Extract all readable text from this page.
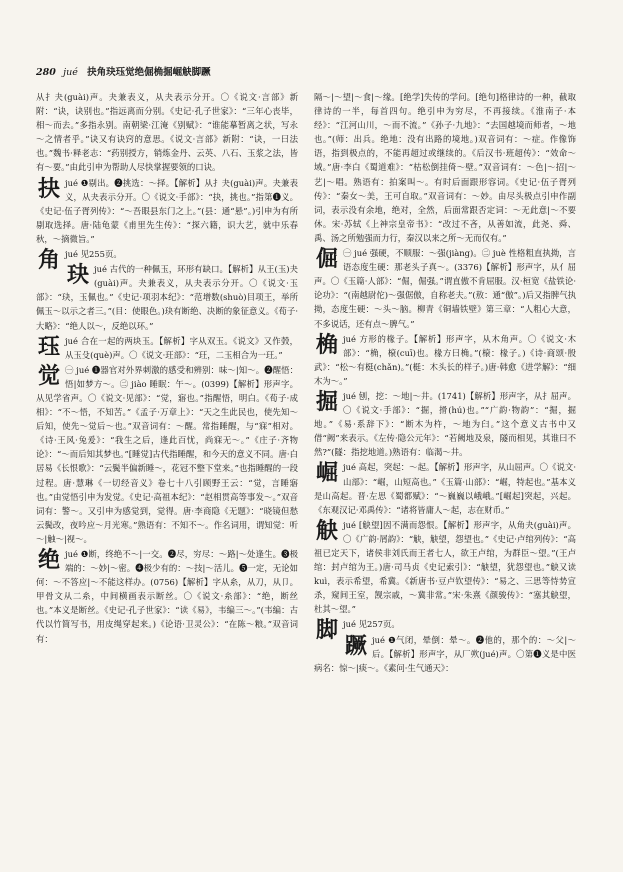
280 jué 抉角玦珏觉绝倔桷掘崛觖脚蹶
从扌夬(guài)声。夬兼表义，从夬表示分开。〇《说文·言部》新附：“诀，诀别也。”指远离而分别。《史记·孔子世家》：“三年心丧毕，相～而去。”多指永别。南朝梁·江淹《别赋》：“谁能摹暂离之状，写永～之情者乎。”诀又有诀窍的意思。《说文·言部》新附：“诀，一曰法也。”魏书·释老志：“药别授方，销炼金丹、云英、八石、玉浆之法，皆有～要。”由此引申为帮助人尽快掌握要领的口诀。
抉 jué ❶剔出。❷挑选：～择。【解析】从扌夬(guài)声。夬兼表义，从夬表示分开。〇《说文·手部》：“抉，挑也。”指第❶义。《史记·伍子胥列传》：“～吾眼县东门之上。”(县：通“悬”。)引申为有所剔取选择。唐·陆龟蒙《甫里先生传》：“探六籍，识大艺，就中乐春秋，～摘微旨。”
角 jué 见255页。
玦 jué 古代的一种佩玉，环形有缺口。【解析】从王(玉)夬(guài)声。夬兼表义，从夬表示分开。〇《说文·玉部》：“玦，玉佩也。”《史记·项羽本纪》：“范增数(shuò)目项王，举所佩玉～以示之者三。”(目：使眼色。)玦有断绝、决断的象征意义。《荀子·大略》：“绝人以～，反绝以环。”
珏 jué 合在一起的两块玉。【解析】字从双玉。《说文》又作瑴，从玉殳(què)声。〇《说文·玨部》：“玨，二玉相合为一玨。”
觉 ㊀ jué ❶器官对外界刺激的感受和辨别：味～|知～。❷醒悟：悟|如梦方～。㊁ jiào 睡眠：午～。(0399)【解析】形声字。从见学省声。〇《说文·见部》：“觉，寤也。”指醒悟，明白。《荀子·成相》：“不～悟，不知苦。”《孟子·万章上》：“天之生此民也，使先知～后知，使先～觉后～也。”双音词有：～醒。常指睡醒，与“寐”相对。《诗·王风·兔爰》：“我生之后，逢此百忧，尚寐无～。”《庄子·齐物论》：“～而后知其梦也。”[睡觉]古代指睡醒，和今天的意义不同。唐·白居易《长恨歌》：“云鬓半偏新睡～，花冠不整下堂来。”也指睡醒的一段过程。唐·慧琳《一切经音义》卷七十八引顾野王云：“觉，言睡寤也。”由觉悟引申为发觉。《史记·高祖本纪》：“赵相贯高等事发～。”双音词有：警～。又引申为感觉到，觉得。唐·李商隐《无题》：“晓镜但愁云鬓改，夜吟应～月光寒。”熟语有：不知不～。作名词用，谓知觉：听～|触～|视～。
绝 jué ❶断，终绝不～|一交。❷尽，穷尽：～路|～处逢生。❸极端的：～妙|～密。❹极少有的：～技|～活儿。❺一定，无论如何：～不答应|～不能这样办。(0756)【解析】字从糸，从刀，从卩。甲骨文从二糸，中间横画表示断丝。〇《说文·糸部》：“绝，断丝也。”本义是断丝。《史记·孔子世家》：“读《易》，韦编三～。”(韦编：古代以竹简写书，用皮绳穿起来。)《论语·卫灵公》：“在陈～粮。”双音词有：
隔～|～望|～食|～缘。[绝学]失传的学问。[绝句]格律诗的一种，截取律诗的一半，每首四句。绝引申为穷尽，不再接续。《淮南子·本经》：“江河山川，～而不流。”《孙子·九地》：“去国越境而师者，～地也。”(师：出兵。绝地：没有出路的境地。)双音词有：～症。作像饰语，指到极点的，不能再超过或继续的。《后汉书·班超传》：“效命～域。”唐·李白《蜀道难》：“枯松倒挂倚～壁。”双音词有：～色|～招|～艺|～唱。熟语有：拍案叫～。有时后面跟形容词。《史记·伍子胥列传》：“秦女～美，王可自取。”双音词有：～妙。由尽头极点引申作副词，表示没有余地，绝对，全然，后面常跟否定词：～无此意|～不要休。宋·苏轼《上神宗皇帝书》：“改过不吝，从善如流，此尧、舜、禹、汤之所勉强而力行，秦汉以来之所～无而仅有。”
倔 ㊀ jué 强硬，不顺服：～强(jiàng)。㊁ juè 性格粗直执拗，言语态度生硬：那老头子真～。(3376)【解析】形声字，从亻屈声。〇《玉篇·人部》：“倔，倔强。”谓直傲不肯屈服。汉·桓宽《盐铁论·论功》：“(南越尉佗)～强倨傲，自称老夫。”(敖：通“傲”。)后又指脾气执拗，态度生硬：～头～脑。柳青《铜墙铁壁》第三章：“人粗心大意，不多说话，还有点～脾气。”
桷 jué 方形的椽子。【解析】形声字，从木角声。〇《说文·木部》：“桷，榱(cuī)也。椽方曰桷。”(榱：椽子。)《诗·商颂·殷武》：“松～有梃(chǎn)。”(梃：木头长的样子。)唐·韩愈《进学解》：“细木为～。”
掘 jué 刨，挖：～地|～井。(1741)【解析】形声字，从扌屈声。〇《说文·手部》：“掘，搰(hú)也。”“广韵·物韵”：“掘，掘地。”《易·系辞下》：“断木为杵，～地为臼。”这个意义古书中又借“阙”来表示。《左传·隐公元年》：“若阙地及泉，隧而相见，其谁曰不然?”(隧：指挖地道。)熟语有：临渴～井。
崛 jué 高起，突起：～起。【解析】形声字，从山屈声。〇《说文·山部》：“崛，山短高也。”《玉篇·山部》：“崛，特起也。”基本义是山高起。晋·左思《蜀都赋》：“～巍巍以峨峨。”[崛起]突起，兴起。《东观汉记·邓禹传》：“诸将皆庸人～起，志在财币。”
觖 jué [觖望]因不满而怨恨。【解析】形声字，从角夬(guài)声。〇《广韵·屑韵》：“觖，觖望，怨望也。”《史记·卢绾列传》：“高祖已定天下，诸侯非刘氏而王者七人，欲王卢绾，为群臣～望。”(王卢绾：封卢绾为王。)唐·司马贞《史记索引》：“觖望，犹怨望也。”觖又读 kuì，表示希望，希冀。《新唐书·豆卢钦望传》：“易之、三思等恃势宣杀，窥间王室，觊宗戚，～冀非常。”宋·朱熹《颜骏传》：“塞其觖望，杜其～望。”
脚 jué 见257页。
蹶 jué ❶气闭，晕倒：晕～。❷他的，那个的：～父|～后。【解析】形声字，从厂欮(jué)声。〇第❶义是中医病名：惊～|痰～。《素问·生气通天》：
